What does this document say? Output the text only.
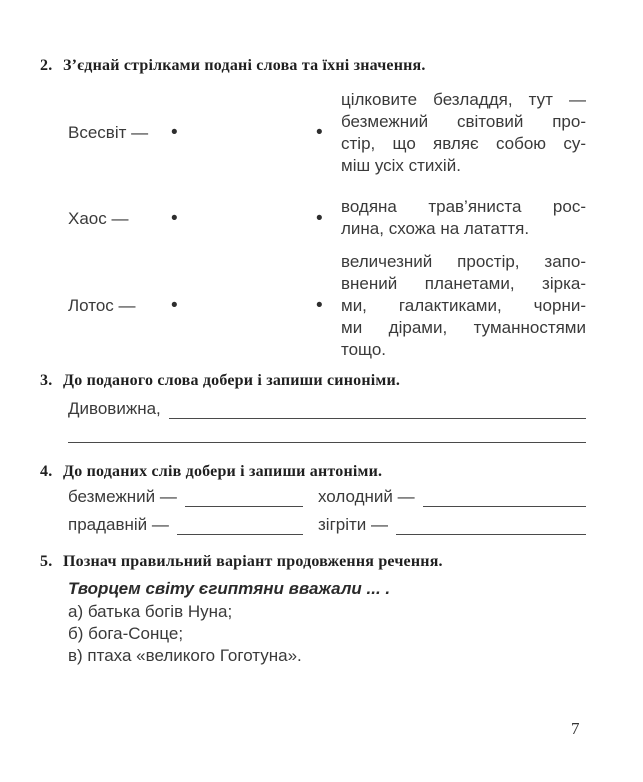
2. З’єднай стрілками подані слова та їхні значення.
Всесвіт — •	•
цілковите безладдя, тут —
безмежний світовий про-
стір, що являє собою су-
міш усіх стихій.
Хаос — •	•
водяна трав’яниста рос-
лина, схожа на латаття.
Лотос — •	•
величезний простір, запо-
внений планетами, зірка-
ми, галактиками, чорни-
ми дірами, туманностями
тощо.
3. До поданого слова добери і запиши синоніми.
Дивовижна,
4. До поданих слів добери і запиши антоніми.
безмежний —	холодний —
прадавній —	зігріти —
5. Познач правильний варіант продовження речення.
Творцем світу єгиптяни вважали ... .
а) батька богів Нуна;
б) бога-Сонце;
в) птаха «великого Гоготуна».
7
